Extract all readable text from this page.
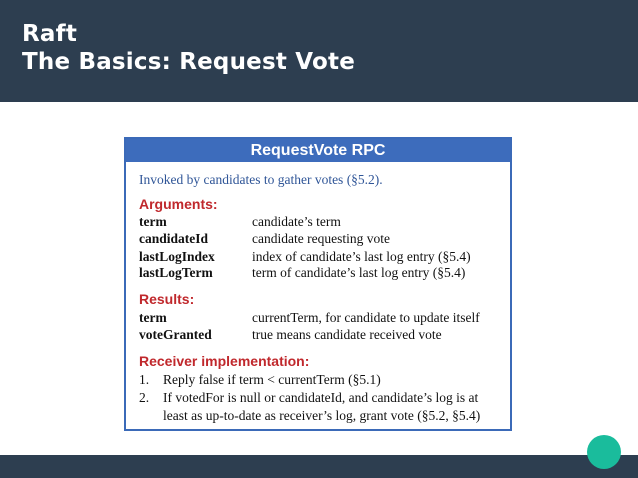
Raft
The Basics: Request Vote
RequestVote RPC
Invoked by candidates to gather votes (§5.2).
Arguments:
term	candidate’s term
candidateId	candidate requesting vote
lastLogIndex	index of candidate’s last log entry (§5.4)
lastLogTerm	term of candidate’s last log entry (§5.4)
Results:
term	currentTerm, for candidate to update itself
voteGranted	true means candidate received vote
Receiver implementation:
1. Reply false if term < currentTerm (§5.1)
2. If votedFor is null or candidateId, and candidate’s log is at
least as up-to-date as receiver’s log, grant vote (§5.2, §5.4)
